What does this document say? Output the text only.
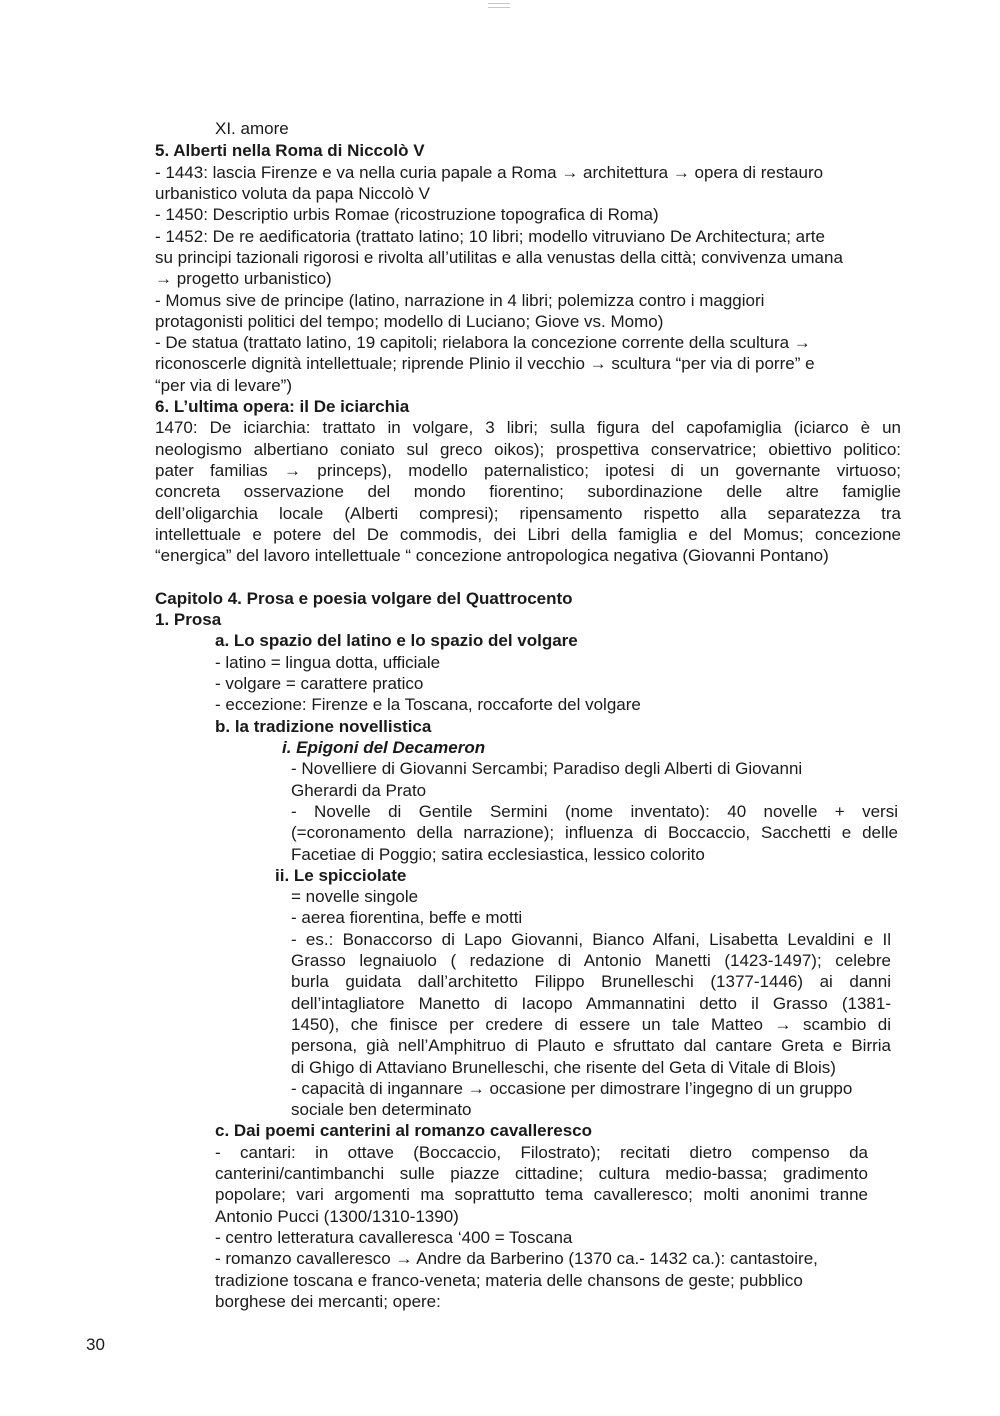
XI. amore
5. Alberti nella Roma di Niccolò V
- 1443: lascia Firenze e va nella curia papale a Roma → architettura → opera di restauro
urbanistico voluta da papa Niccolò V
- 1450: Descriptio urbis Romae (ricostruzione topografica di Roma)
- 1452: De re aedificatoria (trattato latino; 10 libri; modello vitruviano De Architectura; arte
su principi tazionali rigorosi e rivolta all’utilitas e alla venustas della città; convivenza umana
→ progetto urbanistico)
- Momus sive de principe (latino, narrazione in 4 libri; polemizza contro i maggiori
protagonisti politici del tempo; modello di Luciano; Giove vs. Momo)
- De statua (trattato latino, 19 capitoli; rielabora la concezione corrente della scultura →
riconoscerle dignità intellettuale; riprende Plinio il vecchio → scultura “per via di porre” e
“per via di levare”)
6. L’ultima opera: il De iciarchia
1470: De iciarchia: trattato in volgare, 3 libri; sulla figura del capofamiglia (iciarco è un
neologismo albertiano coniato sul greco oikos); prospettiva conservatrice; obiettivo politico:
pater familias → princeps), modello paternalistico; ipotesi di un governante virtuoso;
concreta osservazione del mondo fiorentino; subordinazione delle altre famiglie
dell’oligarchia locale (Alberti compresi); ripensamento rispetto alla separatezza tra
intellettuale e potere del De commodis, dei Libri della famiglia e del Momus; concezione
“energica” del lavoro intellettuale “ concezione antropologica negativa (Giovanni Pontano)
Capitolo 4. Prosa e poesia volgare del Quattrocento
1. Prosa
a. Lo spazio del latino e lo spazio del volgare
- latino = lingua dotta, ufficiale
- volgare = carattere pratico
- eccezione: Firenze e la Toscana, roccaforte del volgare
b. la tradizione novellistica
i. Epigoni del Decameron
- Novelliere di Giovanni Sercambi; Paradiso degli Alberti di Giovanni
Gherardi da Prato
- Novelle di Gentile Sermini (nome inventato): 40 novelle + versi
(=coronamento della narrazione); influenza di Boccaccio, Sacchetti e delle
Facetiae di Poggio; satira ecclesiastica, lessico colorito
ii. Le spicciolate
= novelle singole
- aerea fiorentina, beffe e motti
- es.: Bonaccorso di Lapo Giovanni, Bianco Alfani, Lisabetta Levaldini e Il
Grasso legnaiuolo ( redazione di Antonio Manetti (1423-1497); celebre
burla guidata dall’architetto Filippo Brunelleschi (1377-1446) ai danni
dell’intagliatore Manetto di Iacopo Ammannatini detto il Grasso (1381-
1450), che finisce per credere di essere un tale Matteo → scambio di
persona, già nell’Amphitruo di Plauto e sfruttato dal cantare Greta e Birria
di Ghigo di Attaviano Brunelleschi, che risente del Geta di Vitale di Blois)
- capacità di ingannare → occasione per dimostrare l’ingegno di un gruppo
sociale ben determinato
c. Dai poemi canterini al romanzo cavalleresco
- cantari: in ottave (Boccaccio, Filostrato); recitati dietro compenso da
canterini/cantimbanchi sulle piazze cittadine; cultura medio-bassa; gradimento
popolare; vari argomenti ma soprattutto tema cavalleresco; molti anonimi tranne
Antonio Pucci (1300/1310-1390)
- centro letteratura cavalleresca ‘400 = Toscana
- romanzo cavalleresco → Andre da Barberino (1370 ca.- 1432 ca.): cantastoire,
tradizione toscana e franco-veneta; materia delle chansons de geste; pubblico
borghese dei mercanti; opere:
30
